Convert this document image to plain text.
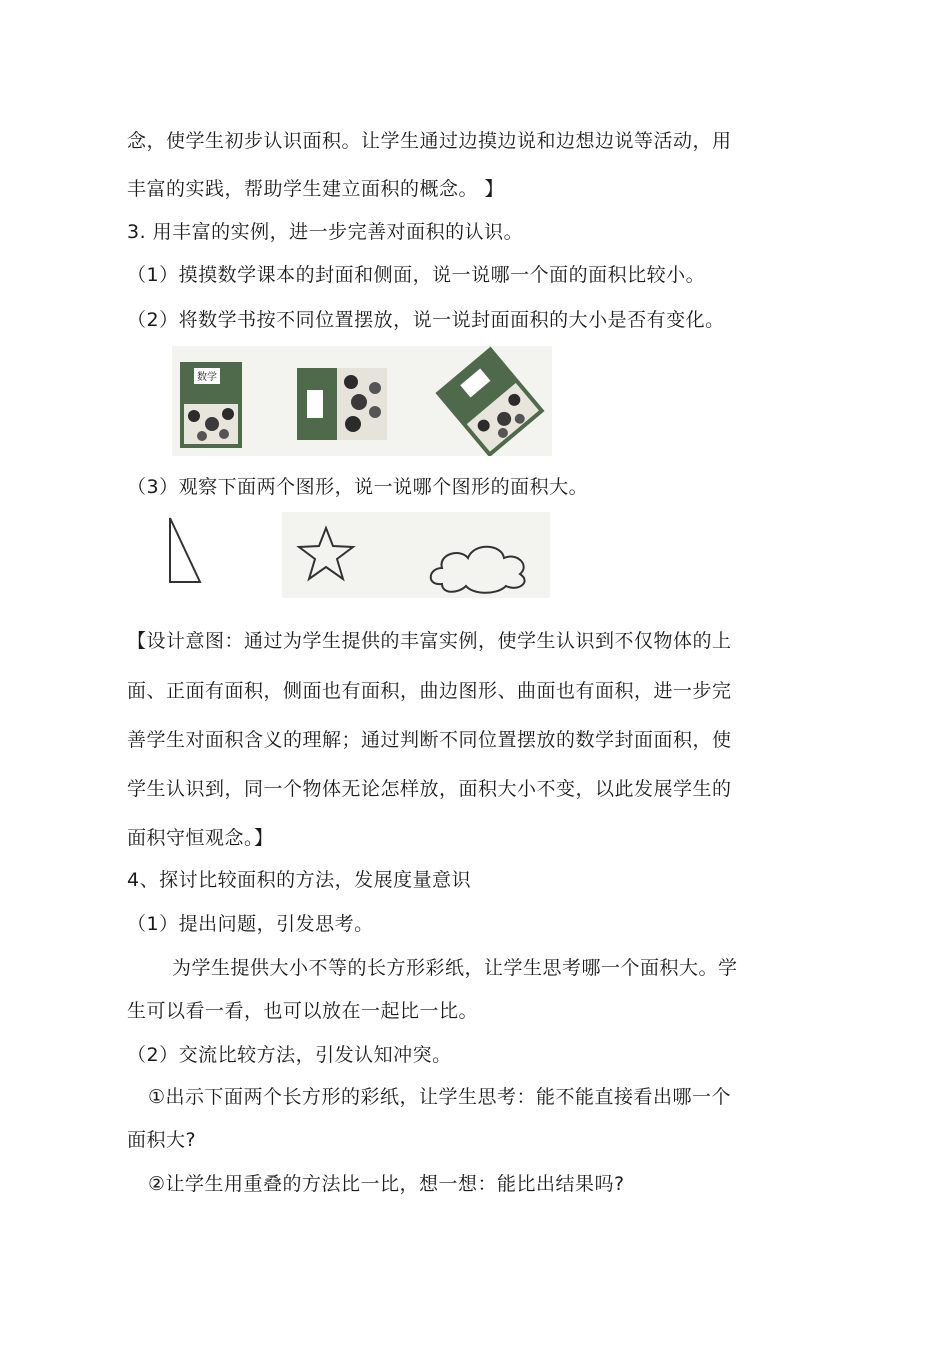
念，使学生初步认识面积。让学生通过边摸边说和边想边说等活动，用
丰富的实践，帮助学生建立面积的概念。 】
3. 用丰富的实例，进一步完善对面积的认识。
（1）摸摸数学课本的封面和侧面，说一说哪一个面的面积比较小。
（2）将数学书按不同位置摆放，说一说封面面积的大小是否有变化。
数学
（3）观察下面两个图形，说一说哪个图形的面积大。
【设计意图：通过为学生提供的丰富实例，使学生认识到不仅物体的上
面、正面有面积，侧面也有面积，曲边图形、曲面也有面积，进一步完
善学生对面积含义的理解；通过判断不同位置摆放的数学封面面积，使
学生认识到，同一个物体无论怎样放，面积大小不变，以此发展学生的
面积守恒观念。】
4、探讨比较面积的方法，发展度量意识
（1）提出问题，引发思考。
为学生提供大小不等的长方形彩纸，让学生思考哪一个面积大。学
生可以看一看，也可以放在一起比一比。
（2）交流比较方法，引发认知冲突。
①出示下面两个长方形的彩纸，让学生思考：能不能直接看出哪一个
面积大?
②让学生用重叠的方法比一比，想一想：能比出结果吗?
